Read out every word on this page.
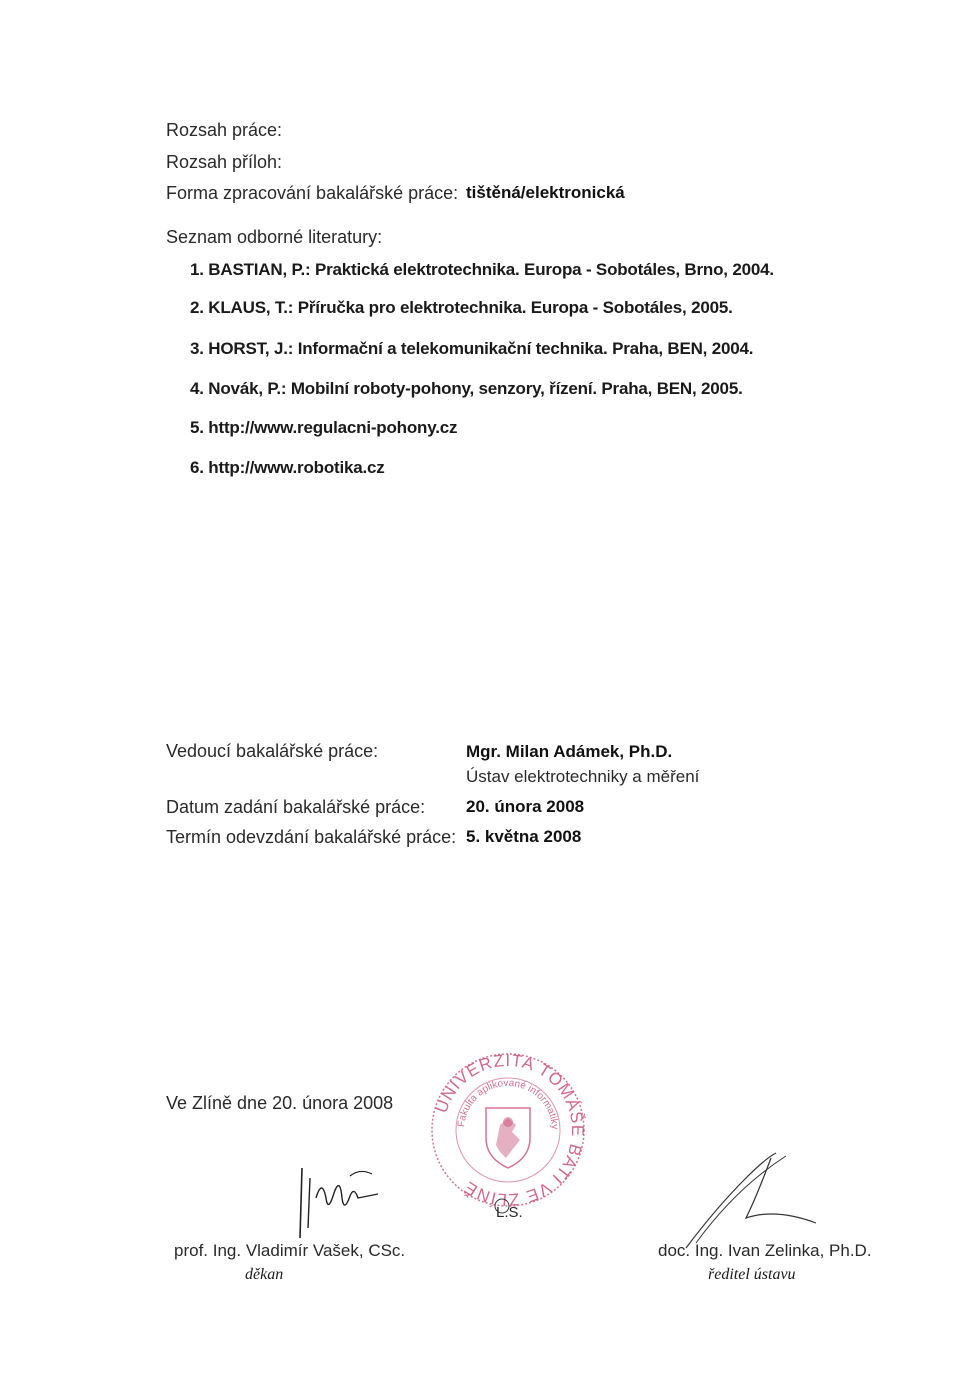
Rozsah práce:
Rozsah příloh:
Forma zpracování bakalářské práce: tištěná/elektronická
Seznam odborné literatury:
1. BASTIAN, P.: Praktická elektrotechnika. Europa - Sobotáles, Brno, 2004.
2. KLAUS, T.: Příručka pro elektrotechnika. Europa - Sobotáles, 2005.
3. HORST, J.: Informační a telekomunikační technika. Praha, BEN, 2004.
4. Novák, P.: Mobilní roboty-pohony, senzory, řízení. Praha, BEN, 2005.
5. http://www.regulacni-pohony.cz
6. http://www.robotika.cz
Vedoucí bakalářské práce:	Mgr. Milan Adámek, Ph.D.
Ústav elektrotechniky a měření
Datum zadání bakalářské práce: 20. února 2008
Termín odevzdání bakalářské práce: 5. května 2008
Ve Zlíně dne 20. února 2008 UNIVERZITA TOMÁŠE BATI VE ZLÍNĚ
Fakulta aplikované informatiky
L.S.
prof. Ing. Vladimír Vašek, CSc.
děkan
doc. Ing. Ivan Zelinka, Ph.D.
ředitel ústavu
